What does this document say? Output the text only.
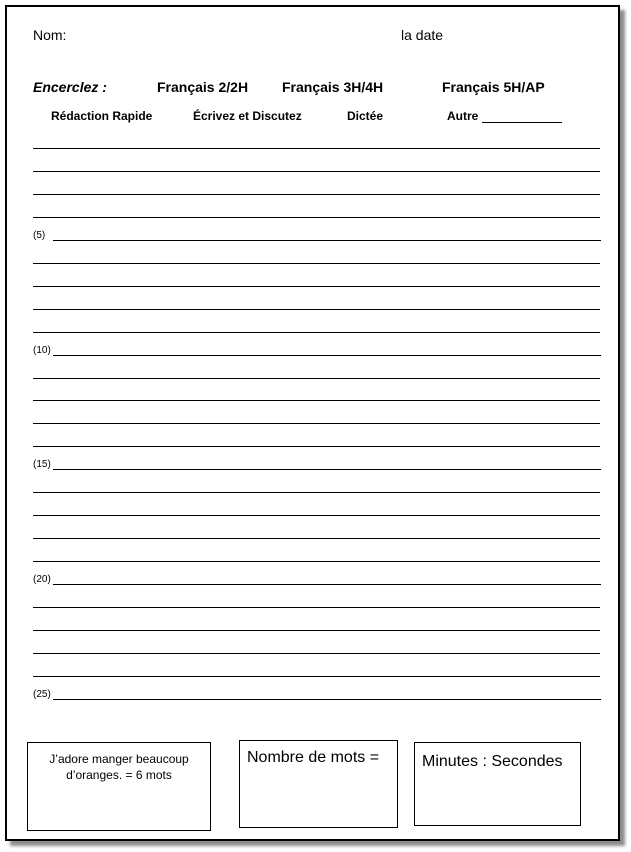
Nom:	la date
Encerclez :	Français 2/2H Français 3H/4H	Français 5H/AP
Rédaction Rapide	Écrivez et Discutez	Dictée	Autre
(5)
(10)
(15)
(20)
(25)
J’adore manger beaucoup d’oranges. = 6 mots
Nombre de mots =	Minutes : Secondes
